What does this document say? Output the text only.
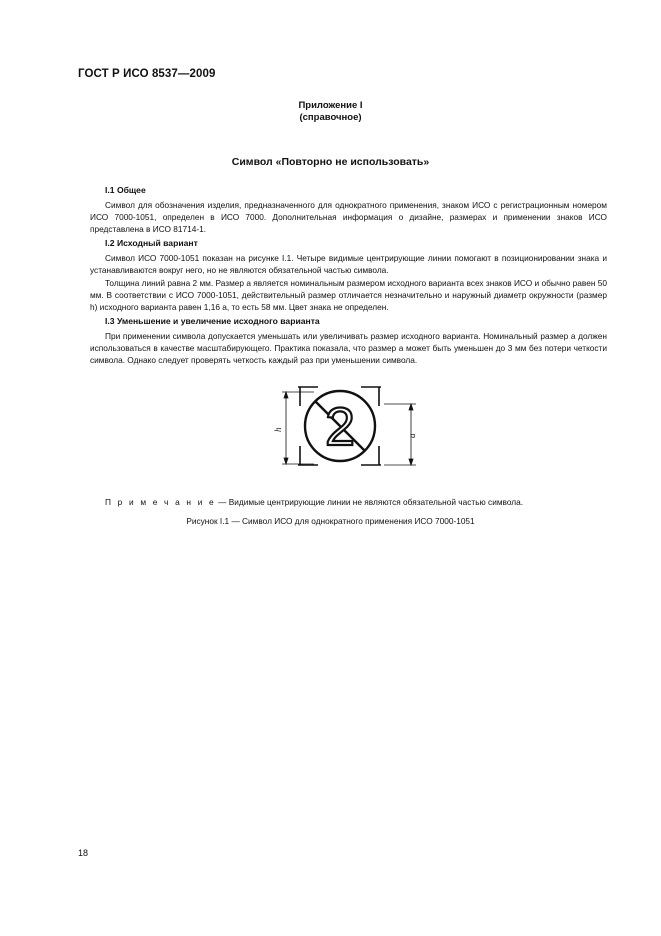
ГОСТ Р ИСО 8537—2009
Приложение I
(справочное)
Символ «Повторно не использовать»
I.1 Общее

Символ для обозначения изделия, предназначенного для однократного применения, знаком ИСО с регистрационным номером ИСО 7000-1051, определен в ИСО 7000. Дополнительная информация о дизайне, размерах и применении знаков ИСО представлена в ИСО 81714-1.

I.2 Исходный вариант

Символ ИСО 7000-1051 показан на рисунке I.1. Четыре видимые центрирующие линии помогают в позиционировании знака и устанавливаются вокруг него, но не являются обязательной частью символа.

Толщина линий равна 2 мм. Размер a является номинальным размером исходного варианта всех знаков ИСО и обычно равен 50 мм. В соответствии с ИСО 7000-1051, действительный размер отличается незначительно и наружный диаметр окружности (размер h) исходного варианта равен 1,16 a, то есть 58 мм. Цвет знака не определен.

I.3 Уменьшение и увеличение исходного варианта

При применении символа допускается уменьшать или увеличивать размер исходного варианта. Номинальный размер a должен использоваться в качестве масштабирующего. Практика показала, что размер a может быть уменьшен до 3 мм без потери четкости символа. Однако следует проверять четкость каждый раз при уменьшении символа.

h
a
2
П р и м е ч а н и е — Видимые центрирующие линии не являются обязательной частью символа.
Рисунок I.1 — Символ ИСО для однократного применения ИСО 7000-1051
18
